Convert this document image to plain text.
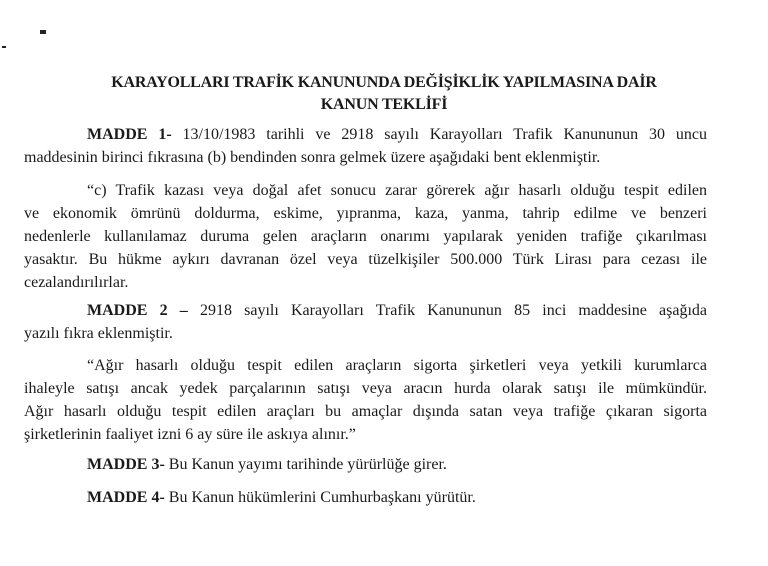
KARAYOLLARI TRAFİK KANUNUNDA DEĞİŞİKLİK YAPILMASINA DAİR
KANUN TEKLİFİ
MADDE 1- 13/10/1983 tarihli ve 2918 sayılı Karayolları Trafik Kanununun 30 uncu
maddesinin birinci fıkrasına (b) bendinden sonra gelmek üzere aşağıdaki bent eklenmiştir.
“c) Trafik kazası veya doğal afet sonucu zarar görerek ağır hasarlı olduğu tespit edilen
ve ekonomik ömrünü doldurma, eskime, yıpranma, kaza, yanma, tahrip edilme ve benzeri
nedenlerle kullanılamaz duruma gelen araçların onarımı yapılarak yeniden trafiğe çıkarılması
yasaktır. Bu hükme aykırı davranan özel veya tüzelkişiler 500.000 Türk Lirası para cezası ile
cezalandırılırlar.
MADDE 2 – 2918 sayılı Karayolları Trafik Kanununun 85 inci maddesine aşağıda
yazılı fıkra eklenmiştir.
“Ağır hasarlı olduğu tespit edilen araçların sigorta şirketleri veya yetkili kurumlarca
ihaleyle satışı ancak yedek parçalarının satışı veya aracın hurda olarak satışı ile mümkündür.
Ağır hasarlı olduğu tespit edilen araçları bu amaçlar dışında satan veya trafiğe çıkaran sigorta
şirketlerinin faaliyet izni 6 ay süre ile askıya alınır.”
MADDE 3- Bu Kanun yayımı tarihinde yürürlüğe girer.
MADDE 4- Bu Kanun hükümlerini Cumhurbaşkanı yürütür.
